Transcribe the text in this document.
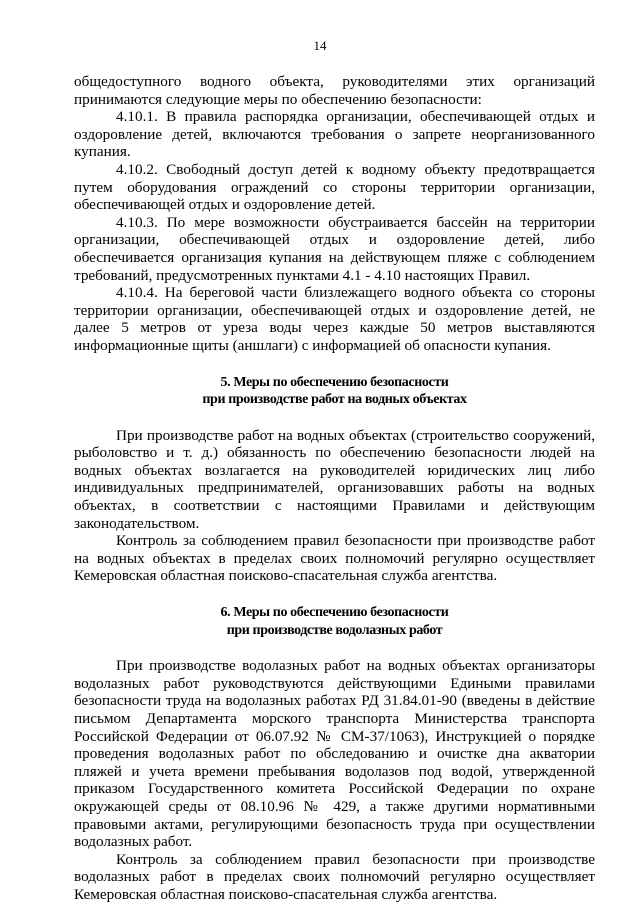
14

общедоступного водного объекта, руководителями этих организаций принимаются следующие меры по обеспечению безопасности:

4.10.1. В правила распорядка организации, обеспечивающей отдых и оздоровление детей, включаются требования о запрете неорганизованного купания.

4.10.2. Свободный доступ детей к водному объекту предотвращается путем оборудования ограждений со стороны территории организации, обеспечивающей отдых и оздоровление детей.

4.10.3. По мере возможности обустраивается бассейн на территории организации, обеспечивающей отдых и оздоровление детей, либо обеспечивается организация купания на действующем пляже с соблюдением требований, предусмотренных пунктами 4.1 - 4.10 настоящих Правил.

4.10.4. На береговой части близлежащего водного объекта со стороны территории организации, обеспечивающей отдых и оздоровление детей, не далее 5 метров от уреза воды через каждые 50 метров выставляются информационные щиты (аншлаги) с информацией об опасности купания.

5. Меры по обеспечению безопасности
при производстве работ на водных объектах

При производстве работ на водных объектах (строительство сооружений, рыболовство и т. д.) обязанность по обеспечению безопасности людей на водных объектах возлагается на руководителей юридических лиц либо индивидуальных предпринимателей, организовавших работы на водных объектах, в соответствии с настоящими Правилами и действующим законодательством.

Контроль за соблюдением правил безопасности при производстве работ на водных объектах в пределах своих полномочий регулярно осуществляет Кемеровская областная поисково-спасательная служба агентства.

6. Меры по обеспечению безопасности
при производстве водолазных работ

При производстве водолазных работ на водных объектах организаторы водолазных работ руководствуются действующими Едиными правилами безопасности труда на водолазных работах РД 31.84.01-90 (введены в действие письмом Департамента морского транспорта Министерства транспорта Российской Федерации от 06.07.92 № СМ-37/1063), Инструкцией о порядке проведения водолазных работ по обследованию и очистке дна акватории пляжей и учета времени пребывания водолазов под водой, утвержденной приказом Государственного комитета Российской Федерации по охране окружающей среды от 08.10.96 № 429, а также другими нормативными правовыми актами, регулирующими безопасность труда при осуществлении водолазных работ.

Контроль за соблюдением правил безопасности при производстве водолазных работ в пределах своих полномочий регулярно осуществляет Кемеровская областная поисково-спасательная служба агентства.
